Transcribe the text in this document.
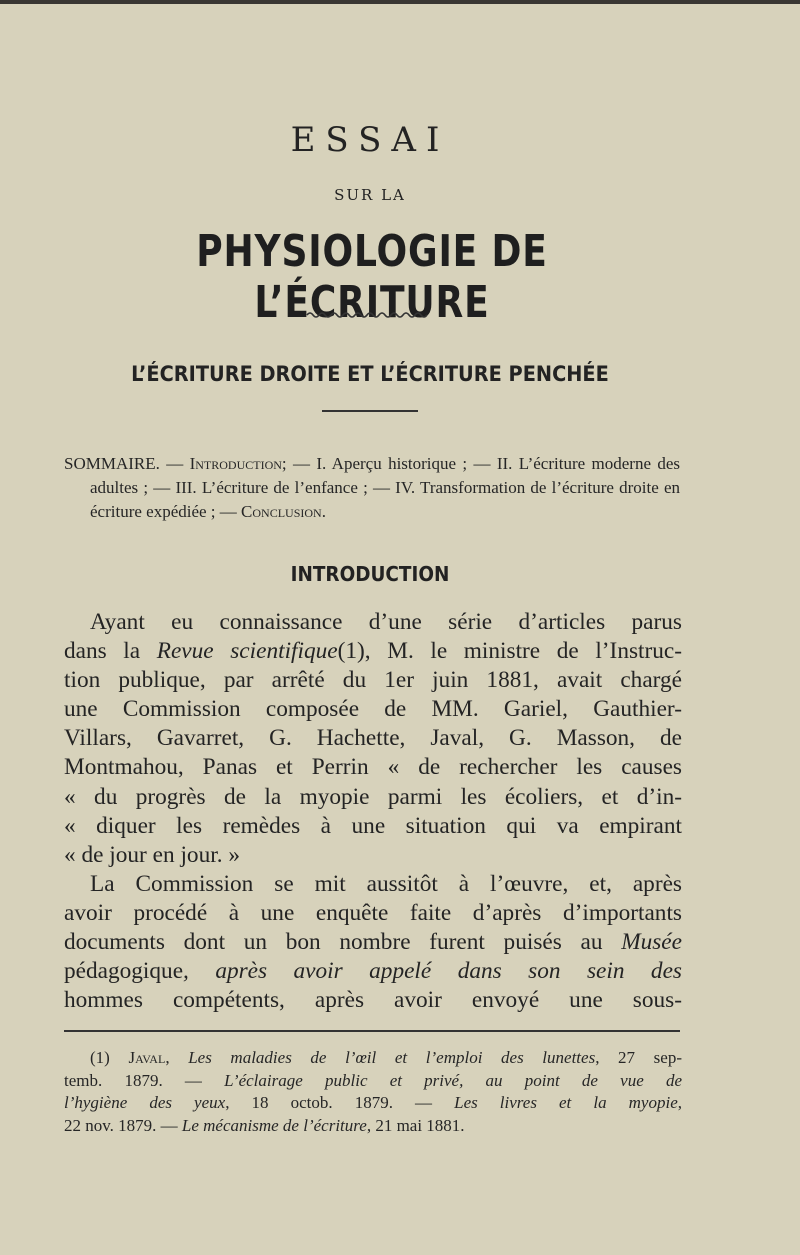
ESSAI
SUR LA
PHYSIOLOGIE DE L’ÉCRITURE
L’ÉCRITURE DROITE ET L’ÉCRITURE PENCHÉE

SOMMAIRE. — Introduction; — I. Aperçu historique ; — II. L’écriture moderne des adultes ; — III. L’écriture de l’enfance ; — IV. Transformation de l’écriture droite en écriture expédiée ; — Conclusion.

INTRODUCTION
Ayant eu connaissance d’une série d’articles parus
dans la Revue scientifique(1), M. le ministre de l’Instruc-
tion publique, par arrêté du 1er juin 1881, avait chargé
une Commission composée de MM. Gariel, Gauthier-
Villars, Gavarret, G. Hachette, Javal, G. Masson, de
Montmahou, Panas et Perrin « de rechercher les causes
« du progrès de la myopie parmi les écoliers, et d’in-
« diquer les remèdes à une situation qui va empirant
« de jour en jour. »
La Commission se mit aussitôt à l’œuvre, et, après
avoir procédé à une enquête faite d’après d’importants
documents dont un bon nombre furent puisés au Musée
pédagogique, après avoir appelé dans son sein des
hommes compétents, après avoir envoyé une sous-
(1) Javal, Les maladies de l’œil et l’emploi des lunettes, 27 sep-
temb. 1879. — L’éclairage public et privé, au point de vue de
l’hygiène des yeux, 18 octob. 1879. — Les livres et la myopie,
22 nov. 1879. — Le mécanisme de l’écriture, 21 mai 1881.
